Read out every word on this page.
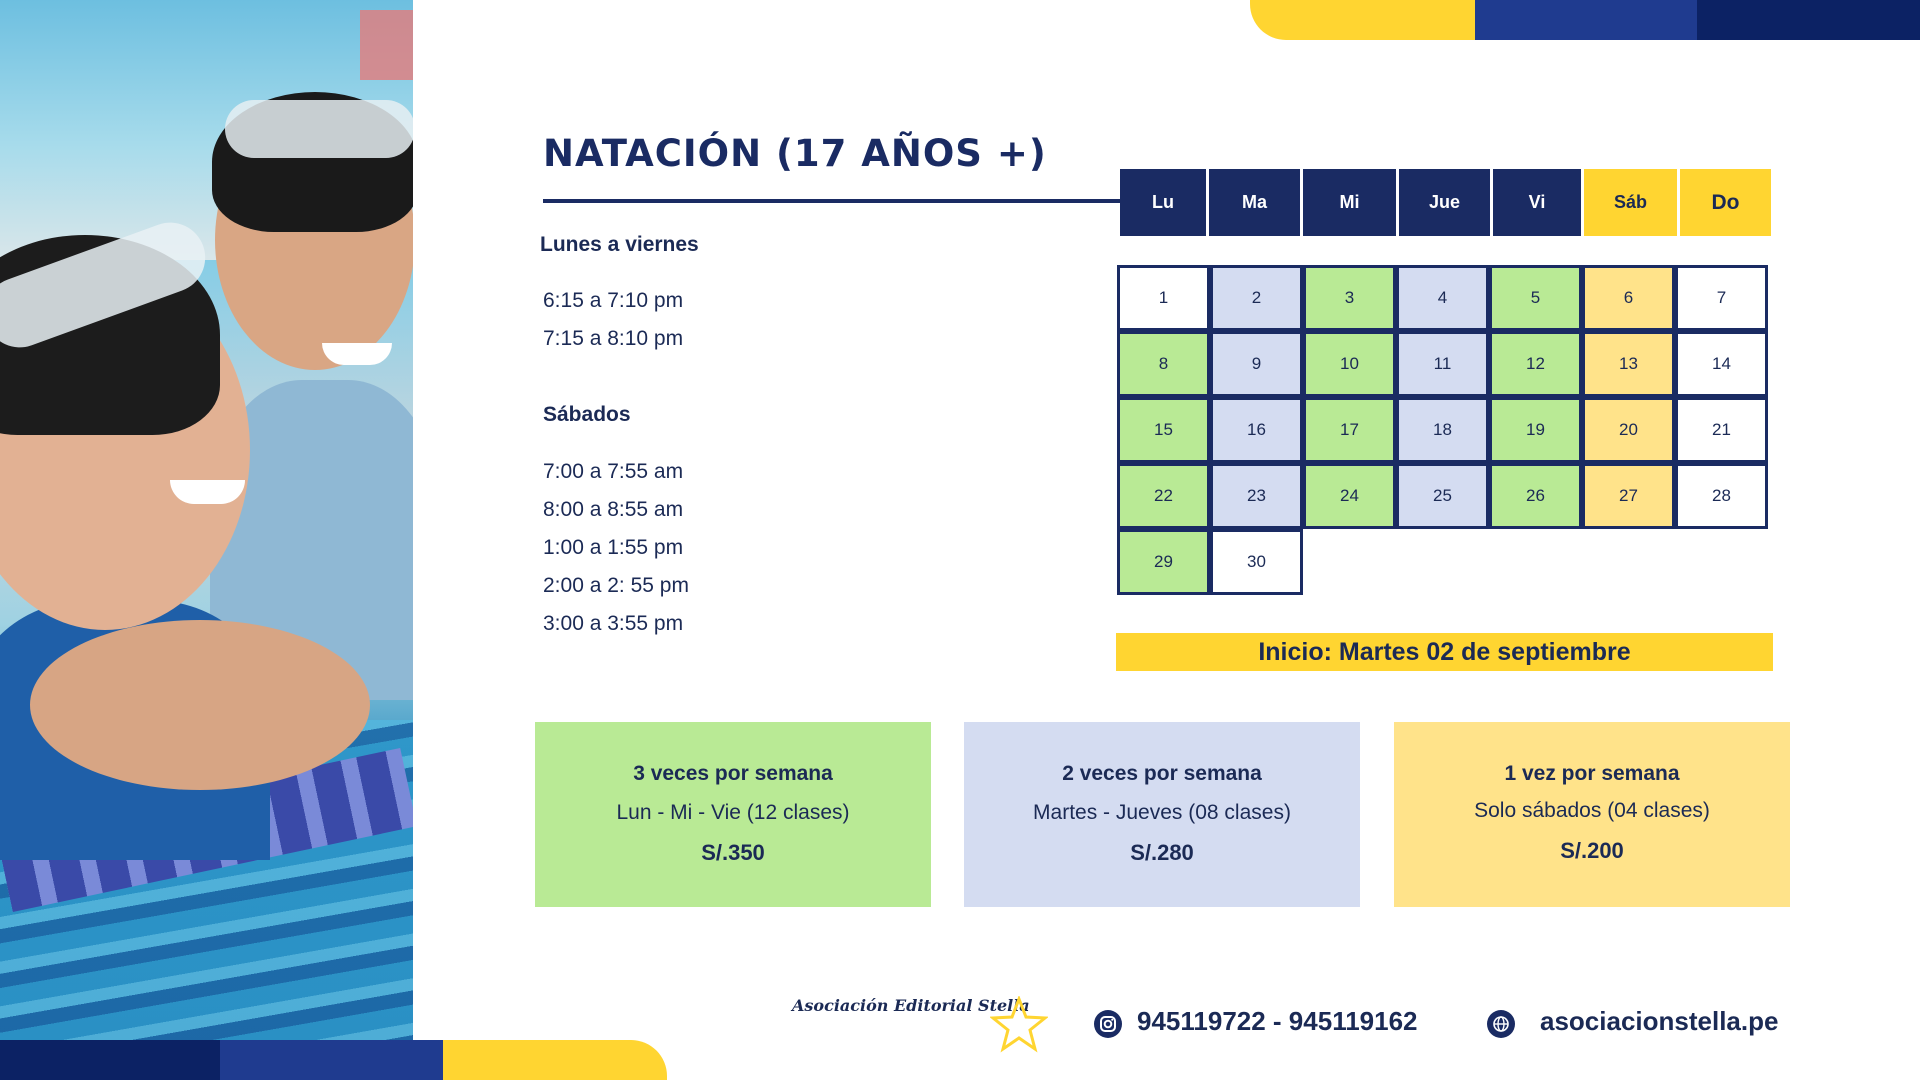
NATACIÓN (17 AÑOS +)
Lunes a viernes
6:15 a 7:10 pm
7:15 a 8:10 pm
Sábados
7:00 a 7:55 am
8:00 a 8:55 am
1:00 a 1:55 pm
2:00 a 2: 55 pm
3:00 a 3:55 pm
Lu	Ma	Mi	Jue	Vi	Sáb	Do
1	2	3	4	5	6	7
8	9	10	11	12	13	14
15	16	17	18	19	20	21
22	23	24	25	26	27	28
29	30
Inicio: Martes 02 de septiembre
3 veces por semana
Lun - Mi - Vie (12 clases)
S/.350
2 veces por semana
Martes - Jueves (08 clases)
S/.280
1 vez por semana
Solo sábados (04 clases)
S/.200
Asociación Editorial Stella
945119722 - 945119162	asociacionstella.pe
